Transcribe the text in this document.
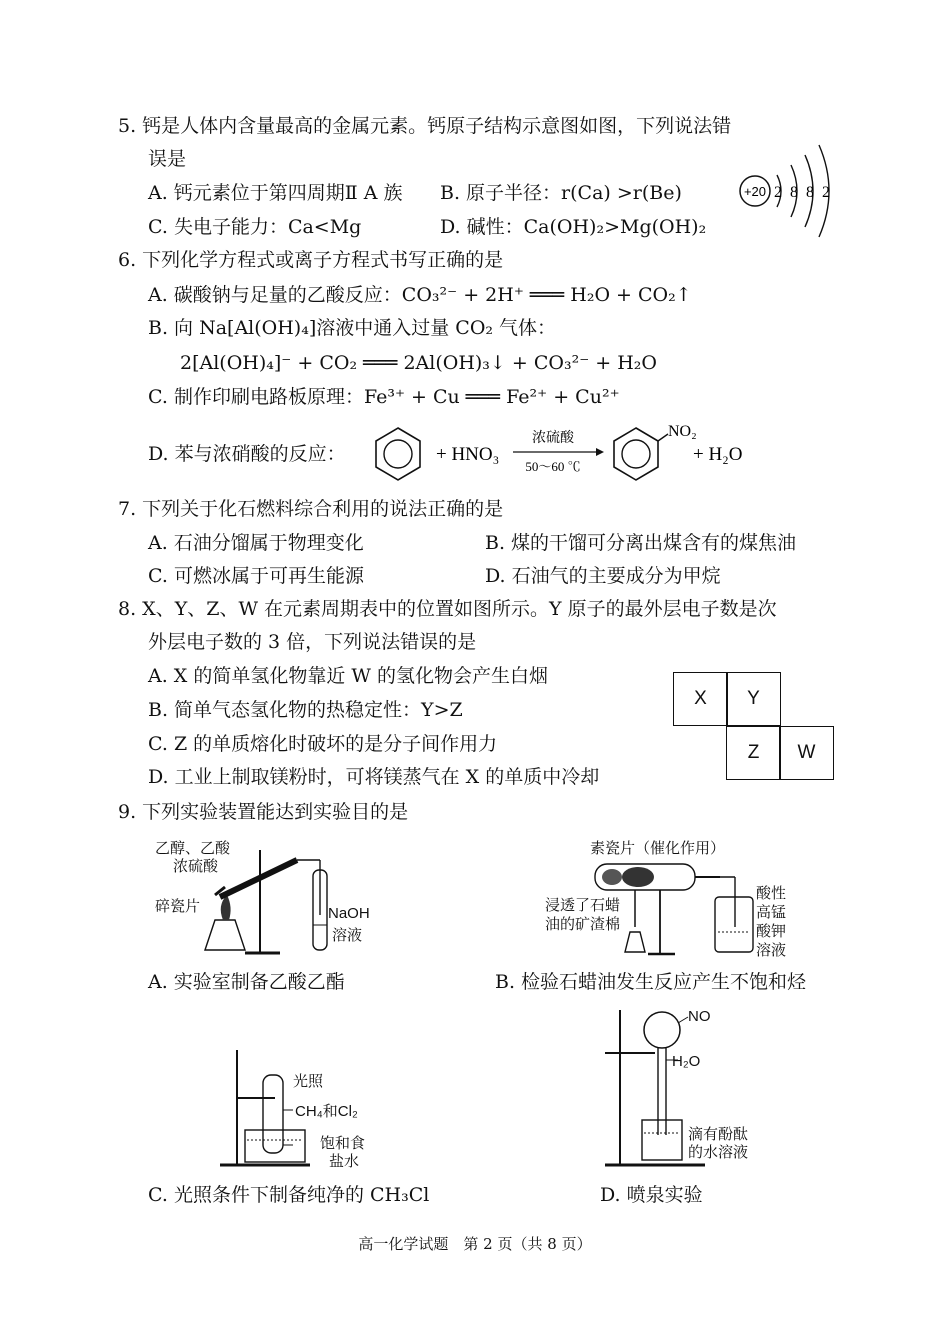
5. 钙是人体内含量最高的金属元素。钙原子结构示意图如图，下列说法错
误是
A. 钙元素位于第四周期Ⅱ A 族 B. 原子半径：r(Ca) >r(Be)
C. 失电子能力：Ca<Mg	D. 碱性：Ca(OH)₂>Mg(OH)₂
+20 2 8 8 2
6. 下列化学方程式或离子方程式书写正确的是
A. 碳酸钠与足量的乙酸反应：CO₃²⁻ + 2H⁺ ═══ H₂O + CO₂↑
B. 向 Na[Al(OH)₄]溶液中通入过量 CO₂ 气体：
2[Al(OH)₄]⁻ + CO₂ ═══ 2Al(OH)₃↓ + CO₃²⁻ + H₂O
C. 制作印刷电路板原理：Fe³⁺ + Cu ═══ Fe²⁺ + Cu²⁺
D. 苯与浓硝酸的反应：	+ HNO₃
浓硫酸
50～60 ℃
NO₂
+ H₂O
7. 下列关于化石燃料综合利用的说法正确的是
A. 石油分馏属于物理变化	B. 煤的干馏可分离出煤含有的煤焦油
C. 可燃冰属于可再生能源	D. 石油气的主要成分为甲烷
8. X、Y、Z、W 在元素周期表中的位置如图所示。Y 原子的最外层电子数是次
外层电子数的 3 倍，下列说法错误的是
A. X 的简单氢化物靠近 W 的氢化物会产生白烟
B. 简单气态氢化物的热稳定性：Y>Z
C. Z 的单质熔化时破坏的是分子间作用力
D. 工业上制取镁粉时，可将镁蒸气在 X 的单质中冷却
X	Y
Z	W
9. 下列实验装置能达到实验目的是
乙醇、乙酸
浓硫酸
碎瓷片	NaOH
溶液
A. 实验室制备乙酸乙酯
素瓷片（催化作用）
浸透了石蜡
油的矿渣棉
酸性
高锰
酸钾
溶液
B. 检验石蜡油发生反应产生不饱和烃
光照
CH₄和Cl₂
饱和食
盐水
C. 光照条件下制备纯净的 CH₃Cl
NO
H₂O
滴有酚酞
的水溶液
D. 喷泉实验
高一化学试题　第 2 页（共 8 页）
